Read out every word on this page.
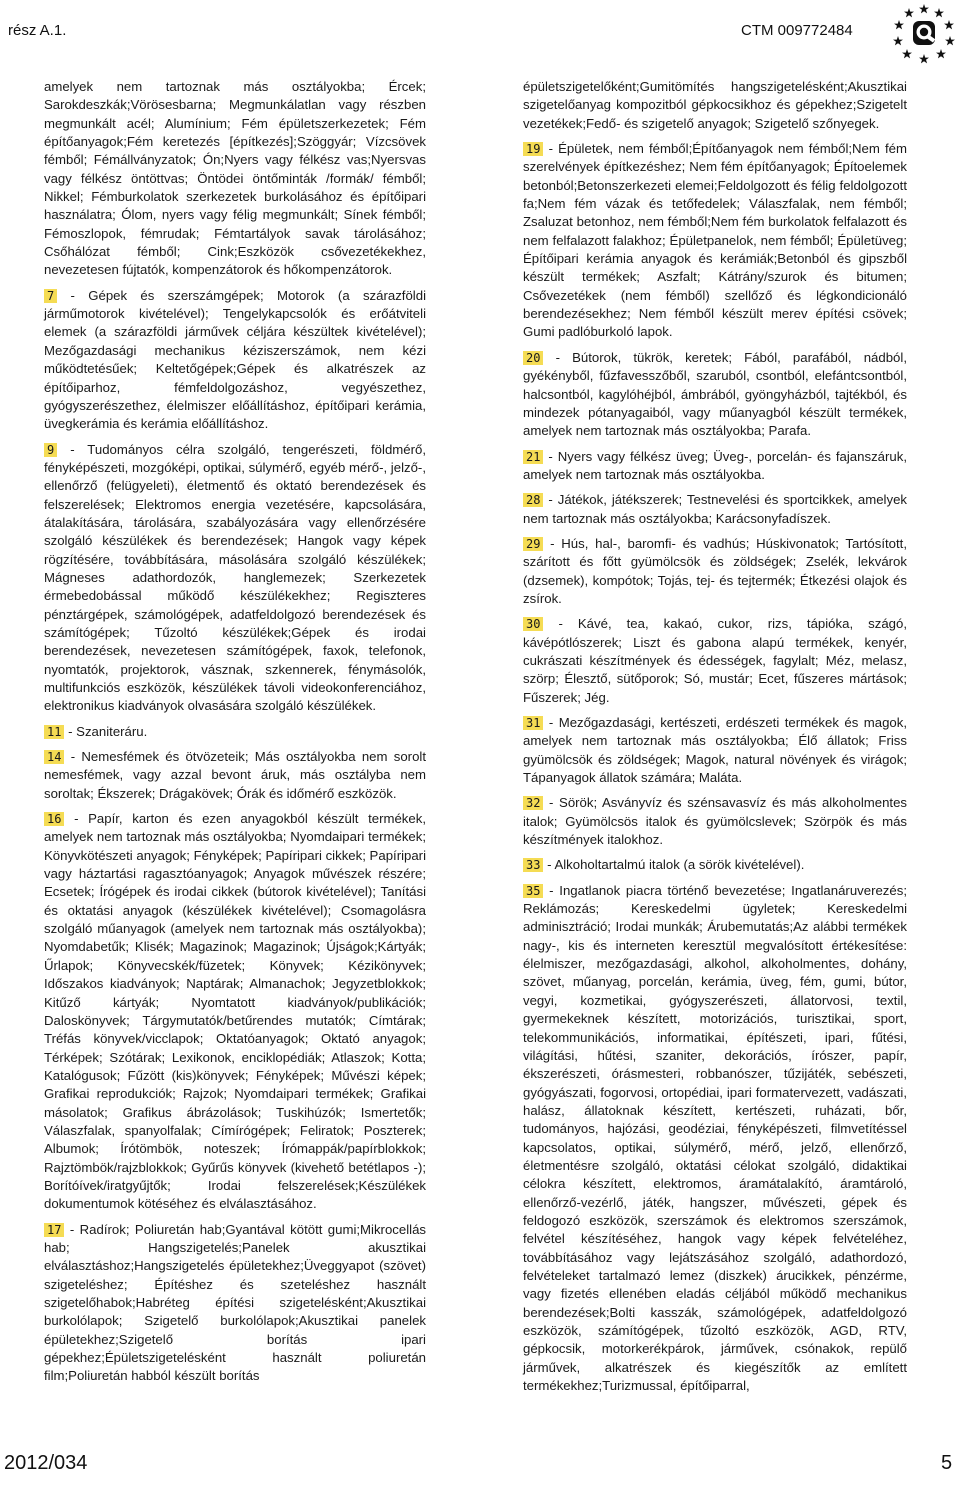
rész A.1.	CTM 009772484

amelyek nem tartoznak más osztályokba; Ércek; Sarokdeszkák;Vörösesbarna; Megmunkálatlan vagy részben megmunkált acél; Alumínium; Fém épületszerkezetek; Fém építőanyagok;Fém keretezés [építkezés];Szöggyár; Vízcsövek fémből; Fémállványzatok; Ón;Nyers vagy félkész vas;Nyersvas vagy félkész öntöttvas; Öntödei öntőminták /formák/ fémből; Nikkel; Fémburkolatok szerkezetek burkolásához és építőipari használatra; Ólom, nyers vagy félig megmunkált; Sínek fémből; Fémoszlopok, fémrudak; Fémtartályok savak tárolásához; Csőhálózat fémből; Cink;Eszközök csővezetékekhez, nevezetesen fújtatók, kompenzátorok és hőkompenzátorok.

7 - Gépek és szerszámgépek; Motorok (a szárazföldi járműmotorok kivételével); Tengelykapcsolók és erőátviteli elemek (a szárazföldi járművek céljára készültek kivételével); Mezőgazdasági mechanikus kéziszerszámok, nem kézi működtetésűek; Keltetőgépek;Gépek és alkatrészek az építőiparhoz, fémfeldolgozáshoz, vegyészethez, gyógyszerészethez, élelmiszer előállításhoz, építőipari kerámia, üvegkerámia és kerámia előállításhoz.

9 - Tudományos célra szolgáló, tengerészeti, földmérő, fényképészeti, mozgóképi, optikai, súlymérő, egyéb mérő-, jelző-, ellenőrző (felügyeleti), életmentő és oktató berendezések és felszerelések; Elektromos energia vezetésére, kapcsolására, átalakítására, tárolására, szabályozására vagy ellenőrzésére szolgáló készülékek és berendezések; Hangok vagy képek rögzítésére, továbbítására, másolására szolgáló készülékek; Mágneses adathordozók, hanglemezek; Szerkezetek érmebedobással működő készülékekhez; Regiszteres pénztárgépek, számológépek, adatfeldolgozó berendezések és számítógépek; Tűzoltó készülékek;Gépek és irodai berendezések, nevezetesen számítógépek, faxok, telefonok, nyomtatók, projektorok, vásznak, szkennerek, fénymásolók, multifunkciós eszközök, készülékek távoli videokonferenciához, elektronikus kiadványok olvasására szolgáló készülékek.

11 - Szaniteráru.

14 - Nemesfémek és ötvözeteik; Más osztályokba nem sorolt nemesfémek, vagy azzal bevont áruk, más osztályba nem soroltak; Ékszerek; Drágakövek; Órák és időmérő eszközök.

16 - Papír, karton és ezen anyagokból készült termékek, amelyek nem tartoznak más osztályokba; Nyomdaipari termékek; Könyvkötészeti anyagok; Fényképek; Papíripari cikkek; Papíripari vagy háztartási ragasztóanyagok; Anyagok művészek részére; Ecsetek; Írógépek és irodai cikkek (bútorok kivételével); Tanítási és oktatási anyagok (készülékek kivételével); Csomagolásra szolgáló műanyagok (amelyek nem tartoznak más osztályokba); Nyomdabetűk; Klisék; Magazinok; Magazinok; Újságok;Kártyák; Űrlapok; Könyvecskék/füzetek; Könyvek; Kézikönyvek; Időszakos kiadványok; Naptárak; Almanachok; Jegyzetblokkok; Kitűző kártyák; Nyomtatott kiadványok/publikációk; Daloskönyvek; Tárgymutatók/betűrendes mutatók; Címtárak; Tréfás könyvek/vicclapok; Oktatóanyagok; Oktató anyagok; Térképek; Szótárak; Lexikonok, enciklopédiák; Atlaszok; Kotta; Katalógusok; Fűzött (kis)könyvek; Fényképek; Művészi képek; Grafikai reprodukciók; Rajzok; Nyomdaipari termékek; Grafikai másolatok; Grafikus ábrázolások; Tuskihúzók; Ismertetők; Válaszfalak, spanyolfalak; Címírógépek; Feliratok; Poszterek; Albumok; Írótömbök, noteszek; Írómappák/papírblokkok; Rajztömbök/rajzblokkok; Gyűrűs könyvek (kivehető betétlapos -); Borítóívek/iratgyűjtők; Irodai felszerelések;Készülékek dokumentumok kötéséhez és elválasztásához.

17 - Radírok; Poliuretán hab;Gyantával kötött gumi;Mikrocellás hab; Hangszigetelés;Panelek akusztikai elválasztáshoz;Hangszigetelés épületekhez;Üveggyapot (szövet) szigeteléshez; Építéshez és szeteléshez használt szigetelőhabok;Habréteg építési szigetelésként;Akusztikai burkolólapok; Szigetelő burkolólapok;Akusztikai panelek épületekhez;Szigetelő borítás ipari gépekhez;Épületszigetelésként használt poliuretán film;Poliuretán habból készült borítás

épületszigetelőként;Gumitömítés hangszigetelésként;Akusztikai szigetelőanyag kompozitból gépkocsikhoz és gépekhez;Szigetelt vezetékek;Fedő- és szigetelő anyagok; Szigetelő szőnyegek.

19 - Épületek, nem fémből;Építőanyagok nem fémből;Nem fém szerelvények építkezéshez; Nem fém építőanyagok; Építoelemek betonból;Betonszerkezeti elemei;Feldolgozott és félig feldolgozott fa;Nem fém vázak és tetőfedelek; Válaszfalak, nem fémből; Zsaluzat betonhoz, nem fémből;Nem fém burkolatok felfalazott és nem felfalazott falakhoz; Épületpanelok, nem fémből; Épületüveg; Építőipari kerámia anyagok és kerámiák;Betonból és gipszből készült termékek; Aszfalt; Kátrány/szurok és bitumen; Csővezetékek (nem fémből) szellőző és légkondicionáló berendezésekhez; Nem fémből készült merev építési csövek; Gumi padlóburkoló lapok.

20 - Bútorok, tükrök, keretek; Fából, parafából, nádból, gyékényből, fűzfavesszőből, szaruból, csontból, elefántcsontból, halcsontból, kagylóhéjból, ámbrából, gyöngyházból, tajtékból, és mindezek pótanyagaiból, vagy műanyagból készült termékek, amelyek nem tartoznak más osztályokba; Parafa.

21 - Nyers vagy félkész üveg; Üveg-, porcelán- és fajanszáruk, amelyek nem tartoznak más osztályokba.

28 - Játékok, játékszerek; Testnevelési és sportcikkek, amelyek nem tartoznak más osztályokba; Karácsonyfadíszek.

29 - Hús, hal-, baromfi- és vadhús; Húskivonatok; Tartósított, szárított és főtt gyümölcsök és zöldségek; Zselék, lekvárok (dzsemek), kompótok; Tojás, tej- és tejtermék; Étkezési olajok és zsírok.

30 - Kávé, tea, kakaó, cukor, rizs, tápióka, szágó, kávépótlószerek; Liszt és gabona alapú termékek, kenyér, cukrászati készítmények és édességek, fagylalt; Méz, melasz, szörp; Élesztő, sütőporok; Só, mustár; Ecet, fűszeres mártások; Fűszerek; Jég.

31 - Mezőgazdasági, kertészeti, erdészeti termékek és magok, amelyek nem tartoznak más osztályokba; Élő állatok; Friss gyümölcsök és zöldségek; Magok, natural növények és virágok; Tápanyagok állatok számára; Maláta.

32 - Sörök; Asványvíz és szénsavasvíz és más alkoholmentes italok; Gyümölcsös italok és gyümölcslevek; Szörpök és más készítmények italokhoz.

33 - Alkoholtartalmú italok (a sörök kivételével).

35 - Ingatlanok piacra történő bevezetése; Ingatlanáruverezés; Reklámozás; Kereskedelmi ügyletek; Kereskedelmi adminisztráció; Irodai munkák; Árubemutatás;Az alábbi termékek nagy-, kis és interneten keresztül megvalósított értékesítése: élelmiszer, mezőgazdasági, alkohol, alkoholmentes, dohány, szövet, műanyag, porcelán, kerámia, üveg, fém, gumi, bútor, vegyi, kozmetikai, gyógyszerészeti, állatorvosi, textil, gyermekeknek készített, motorizációs, turisztikai, sport, telekommunikációs, informatikai, építészeti, ipari, fűtési, világítási, hűtési, szaniter, dekorációs, írószer, papír, ékszerészeti, órásmesteri, robbanószer, tűzijáték, sebészeti, gyógyászati, fogorvosi, ortopédiai, ipari formatervezett, vadászati, halász, állatoknak készített, kertészeti, ruházati, bőr, tudományos, hajózási, geodéziai, fényképészeti, filmvetítéssel kapcsolatos, optikai, súlymérő, mérő, jelző, ellenőrző, életmentésre szolgáló, oktatási célokat szolgáló, didaktikai célokra készített, elektromos, áramátalakító, áramtároló, ellenőrző-vezérlő, játék, hangszer, művészeti, gépek és feldogozó eszközök, szerszámok és elektromos szerszámok, felvétel készítéséhez, hangok vagy képek felvételéhez, továbbításához vagy lejátszásához szolgáló, adathordozó, felvételeket tartalmazó lemez (diszkek) árucikkek, pénzérme, vagy fizetés ellenében eladás céljából működő mechanikus berendezések;Bolti kasszák, számológépek, adatfeldolgozó eszközök, számítógépek, tűzoltó eszközök, AGD, RTV, gépkocsik, motorkerékpárok, járművek, csónakok, repülő járművek, alkatrészek és kiegészítők az említett termékekhez;Turizmussal, építőiparral,

2012/034	5
